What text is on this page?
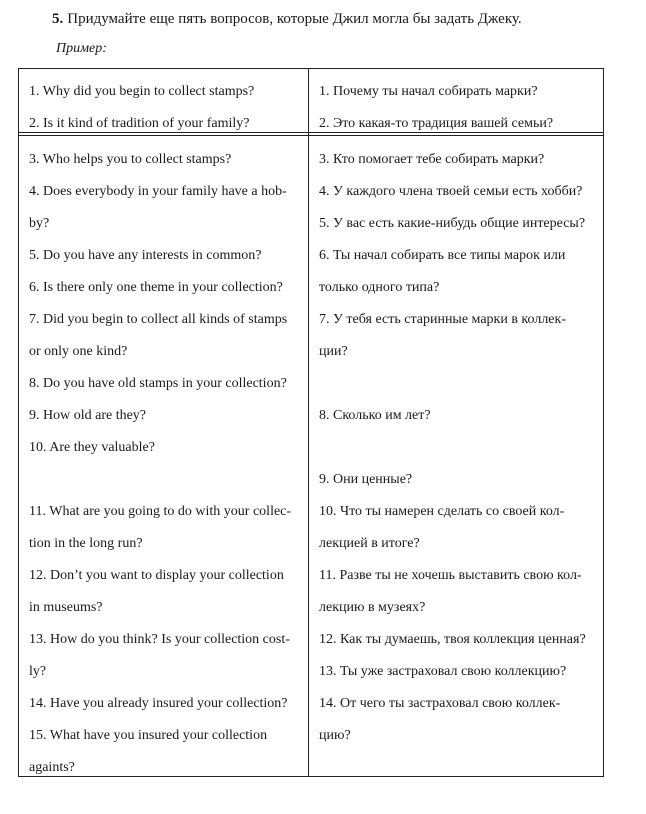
5. Придумайте еще пять вопросов, которые Джил могла бы задать Джеку.
Пример:

1. Why did you begin to collect stamps?

2. Is it kind of tradition of your family?

1. Почему ты начал собирать марки?

2. Это какая-то традиция вашей семьи?

3. Who helps you to collect stamps?

4. Does everybody in your family have a hob-

by?

5. Do you have any interests in common?

6. Is there only one theme in your collection?

7. Did you begin to collect all kinds of stamps

or only one kind?

8. Do you have old stamps in your collection?

9. How old are they?

10. Are they valuable?

11. What are you going to do with your collec-

tion in the long run?

12. Don’t you want to display your collection

in museums?

13. How do you think? Is your collection cost-

ly?

14. Have you already insured your collection?

15. What have you insured your collection

againts?

3. Кто помогает тебе собирать марки?

4. У каждого члена твоей семьи есть хобби?

5. У вас есть какие-нибудь общие интересы?

6. Ты начал собирать все типы марок или

только одного типа?

7. У тебя есть старинные марки в коллек-

ции?

8. Сколько им лет?

9. Они ценные?

10. Что ты намерен сделать со своей кол-

лекцией в итоге?

11. Разве ты не хочешь выставить свою кол-

лекцию в музеях?

12. Как ты думаешь, твоя коллекция ценная?

13. Ты уже застраховал свою коллекцию?

14. От чего ты застраховал свою коллек-

цию?
